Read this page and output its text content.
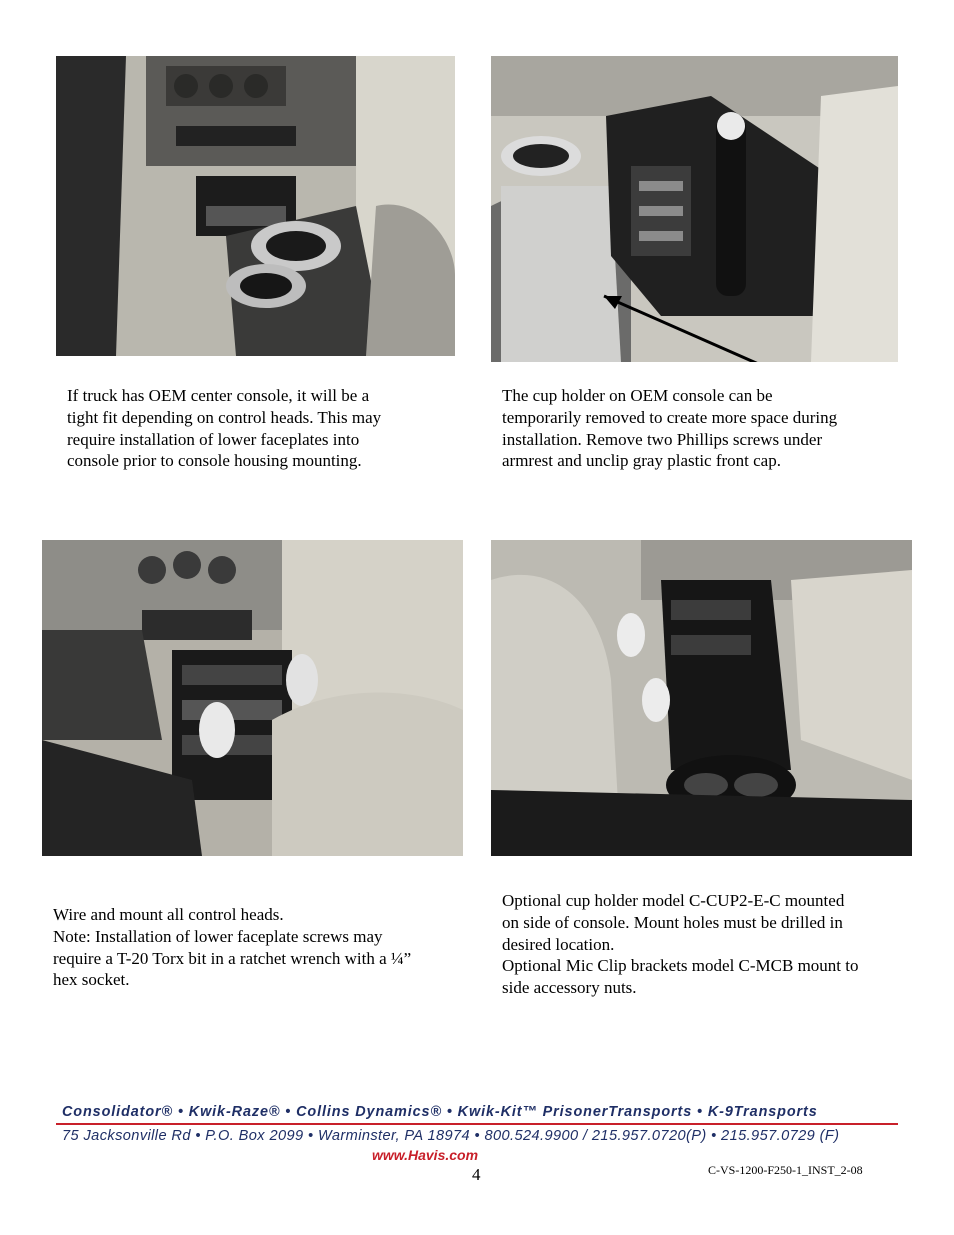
If truck has OEM center console, it will be a
tight fit depending on control heads. This may
require installation of lower faceplates into
console prior to console housing mounting.

The cup holder on OEM console can be
temporarily removed to create more space during
installation. Remove two Phillips screws under
armrest and unclip gray plastic front cap.

Wire and mount all control heads.
Note: Installation of lower faceplate screws may
require a T-20 Torx bit in a ratchet wrench with a ¼”
hex socket.

Optional cup holder model C-CUP2-E-C mounted
on side of console. Mount holes must be drilled in
desired location.
Optional Mic Clip brackets model C-MCB mount to
side accessory nuts.

Consolidator® • Kwik-Raze® • Collins Dynamics® • Kwik-Kit™ PrisonerTransports • K-9Transports
75 Jacksonville Rd • P.O. Box 2099 • Warminster, PA 18974 • 800.524.9900 / 215.957.0720(P) • 215.957.0729 (F)
www.Havis.com
4	C-VS-1200-F250-1_INST_2-08
